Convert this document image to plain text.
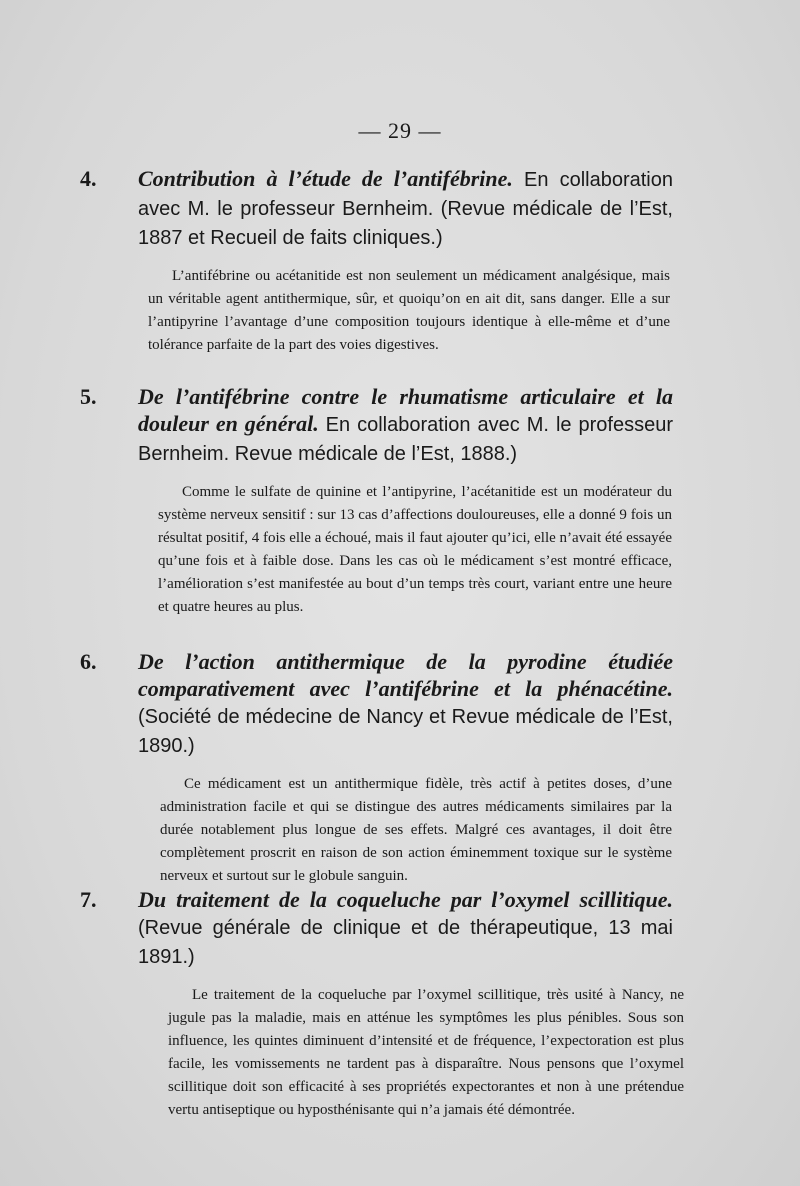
— 29 —
4. Contribution à l’étude de l’antifébrine. En collaboration avec M. le professeur Bernheim. (Revue médicale de l’Est, 1887 et Recueil de faits cliniques.)
L’antifébrine ou acétanitide est non seulement un médicament analgésique, mais un véritable agent antithermique, sûr, et quoiqu’on en ait dit, sans danger. Elle a sur l’antipyrine l’avantage d’une composition toujours identique à elle-même et d’une tolérance parfaite de la part des voies digestives.
5. De l’antifébrine contre le rhumatisme articulaire et la douleur en général. En collaboration avec M. le professeur Bernheim. Revue médicale de l’Est, 1888.)
Comme le sulfate de quinine et l’antipyrine, l’acétanitide est un modérateur du système nerveux sensitif : sur 13 cas d’affections douloureuses, elle a donné 9 fois un résultat positif, 4 fois elle a échoué, mais il faut ajouter qu’ici, elle n’avait été essayée qu’une fois et à faible dose. Dans les cas où le médicament s’est montré efficace, l’amélioration s’est manifestée au bout d’un temps très court, variant entre une heure et quatre heures au plus.
6. De l’action antithermique de la pyrodine étudiée comparativement avec l’antifébrine et la phénacétine. (Société de médecine de Nancy et Revue médicale de l’Est, 1890.)
Ce médicament est un antithermique fidèle, très actif à petites doses, d’une administration facile et qui se distingue des autres médicaments similaires par la durée notablement plus longue de ses effets. Malgré ces avantages, il doit être complètement proscrit en raison de son action éminemment toxique sur le système nerveux et surtout sur le globule sanguin.
7. Du traitement de la coqueluche par l’oxymel scillitique. (Revue générale de clinique et de thérapeutique, 13 mai 1891.)
Le traitement de la coqueluche par l’oxymel scillitique, très usité à Nancy, ne jugule pas la maladie, mais en atténue les symptômes les plus pénibles. Sous son influence, les quintes diminuent d’intensité et de fréquence, l’expectoration est plus facile, les vomissements ne tardent pas à disparaître. Nous pensons que l’oxymel scillitique doit son efficacité à ses propriétés expectorantes et non à une prétendue vertu antiseptique ou hyposthénisante qui n’a jamais été démontrée.
